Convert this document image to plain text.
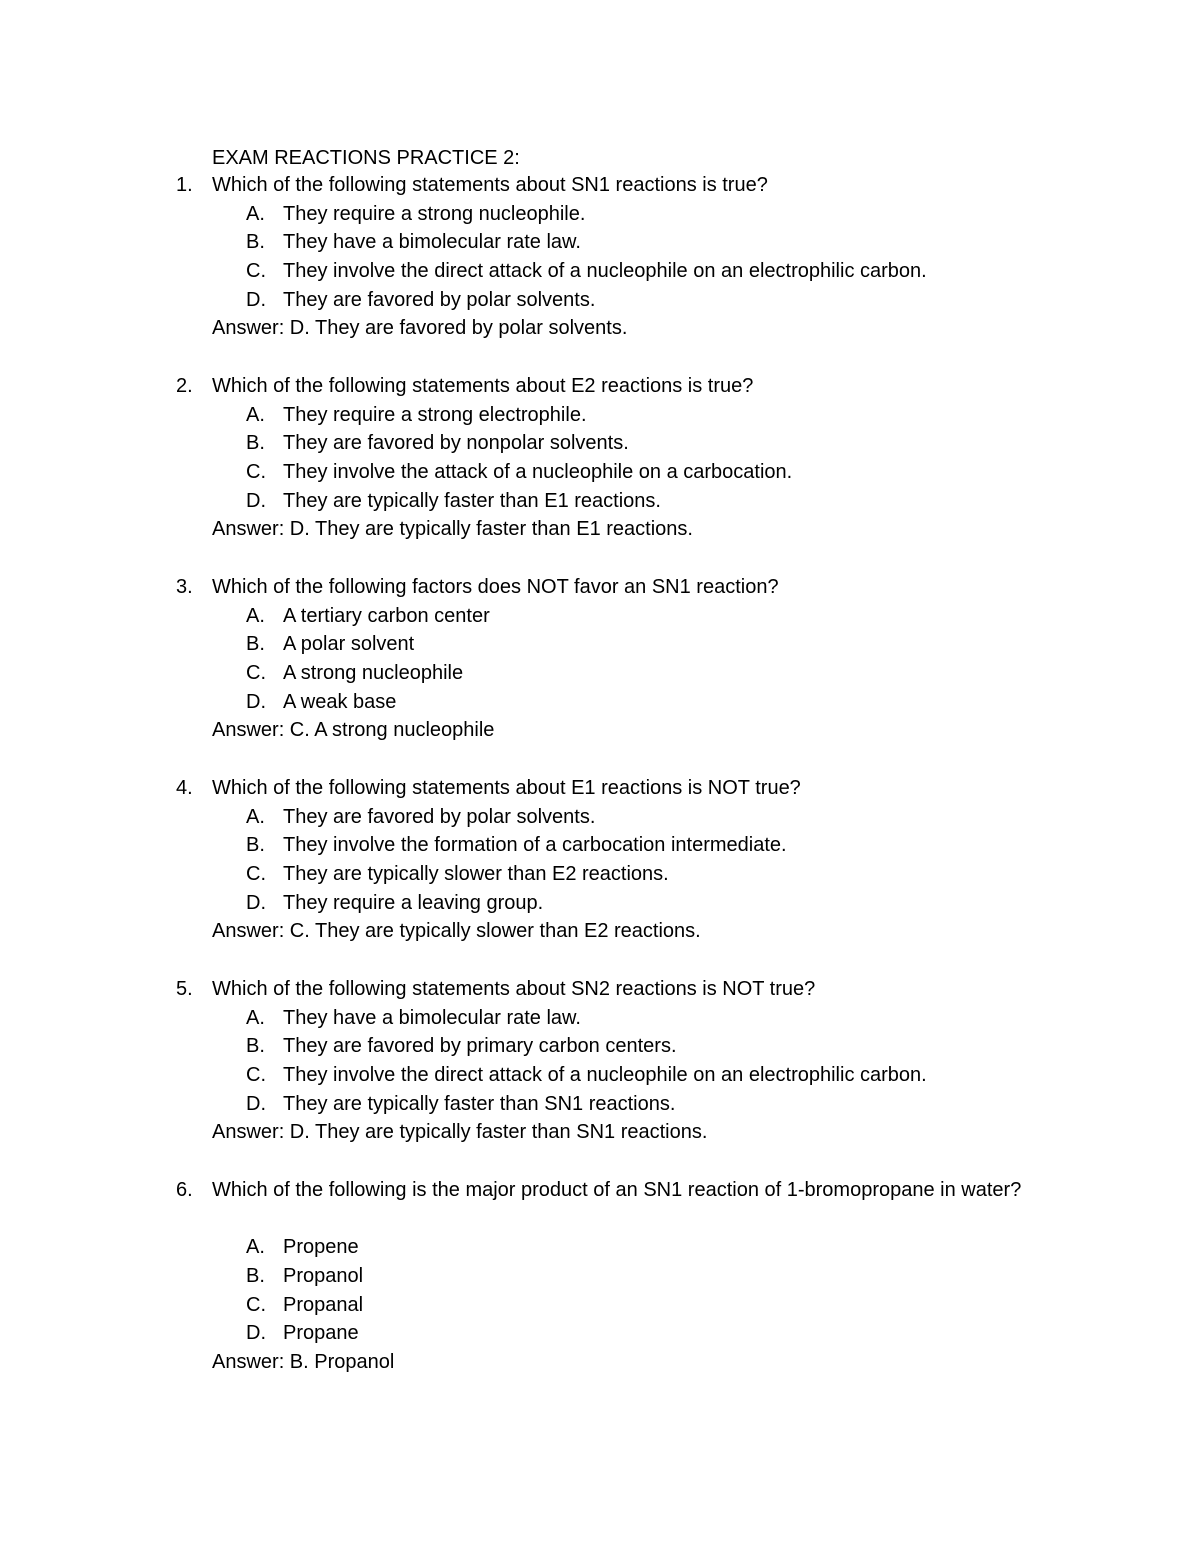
EXAM REACTIONS PRACTICE 2:
1. Which of the following statements about SN1 reactions is true?
A. They require a strong nucleophile.
B. They have a bimolecular rate law.
C. They involve the direct attack of a nucleophile on an electrophilic carbon.
D. They are favored by polar solvents.
Answer: D. They are favored by polar solvents.
2. Which of the following statements about E2 reactions is true?
A. They require a strong electrophile.
B. They are favored by nonpolar solvents.
C. They involve the attack of a nucleophile on a carbocation.
D. They are typically faster than E1 reactions.
Answer: D. They are typically faster than E1 reactions.
3. Which of the following factors does NOT favor an SN1 reaction?
A. A tertiary carbon center
B. A polar solvent
C. A strong nucleophile
D. A weak base
Answer: C. A strong nucleophile
4. Which of the following statements about E1 reactions is NOT true?
A. They are favored by polar solvents.
B. They involve the formation of a carbocation intermediate.
C. They are typically slower than E2 reactions.
D. They require a leaving group.
Answer: C. They are typically slower than E2 reactions.
5. Which of the following statements about SN2 reactions is NOT true?
A. They have a bimolecular rate law.
B. They are favored by primary carbon centers.
C. They involve the direct attack of a nucleophile on an electrophilic carbon.
D. They are typically faster than SN1 reactions.
Answer: D. They are typically faster than SN1 reactions.
6. Which of the following is the major product of an SN1 reaction of 1-bromopropane in water?
A. Propene
B. Propanol
C. Propanal
D. Propane
Answer: B. Propanol
